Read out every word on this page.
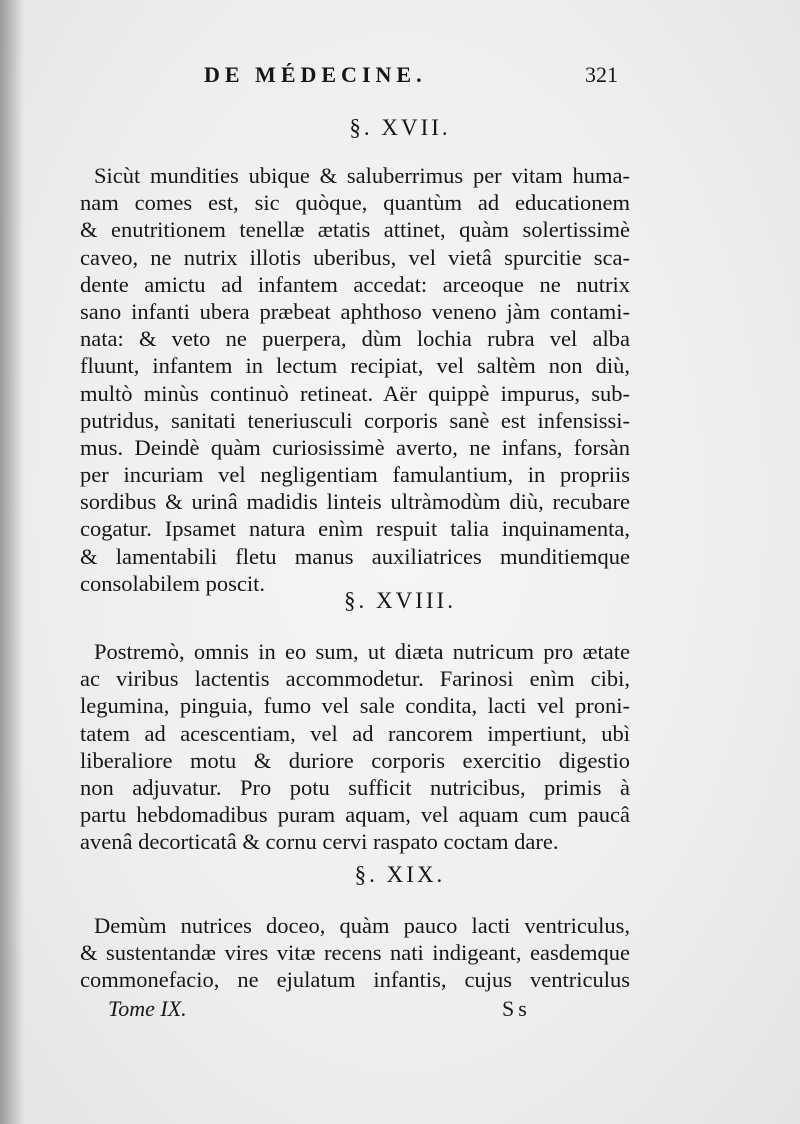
DE MÉDECINE.	321
§. XVII.
Sicùt mundities ubique & saluberrimus per vitam huma-
nam comes est, sic quòque, quantùm ad educationem
& enutritionem tenellæ ætatis attinet, quàm solertissimè
caveo, ne nutrix illotis uberibus, vel vietâ spurcitie sca-
dente amictu ad infantem accedat: arceoque ne nutrix
sano infanti ubera præbeat aphthoso veneno jàm contami-
nata: & veto ne puerpera, dùm lochia rubra vel alba
fluunt, infantem in lectum recipiat, vel saltèm non diù,
multò minùs continuò retineat. Aër quippè impurus, sub-
putridus, sanitati teneriusculi corporis sanè est infensissi-
mus. Deindè quàm curiosissimè averto, ne infans, forsàn
per incuriam vel negligentiam famulantium, in propriis
sordibus & urinâ madidis linteis ultràmodùm diù, recubare
cogatur. Ipsamet natura enìm respuit talia inquinamenta,
& lamentabili fletu manus auxiliatrices munditiemque
consolabilem poscit.
§. XVIII.
Postremò, omnis in eo sum, ut diæta nutricum pro ætate
ac viribus lactentis accommodetur. Farinosi enìm cibi,
legumina, pinguia, fumo vel sale condita, lacti vel proni-
tatem ad acescentiam, vel ad rancorem impertiunt, ubì
liberaliore motu & duriore corporis exercitio digestio
non adjuvatur. Pro potu sufficit nutricibus, primis à
partu hebdomadibus puram aquam, vel aquam cum paucâ
avenâ decorticatâ & cornu cervi raspato coctam dare.
§. XIX.
Demùm nutrices doceo, quàm pauco lacti ventriculus,
& sustentandæ vires vitæ recens nati indigeant, easdemque
commonefacio, ne ejulatum infantis, cujus ventriculus
Tome IX.	Ss
